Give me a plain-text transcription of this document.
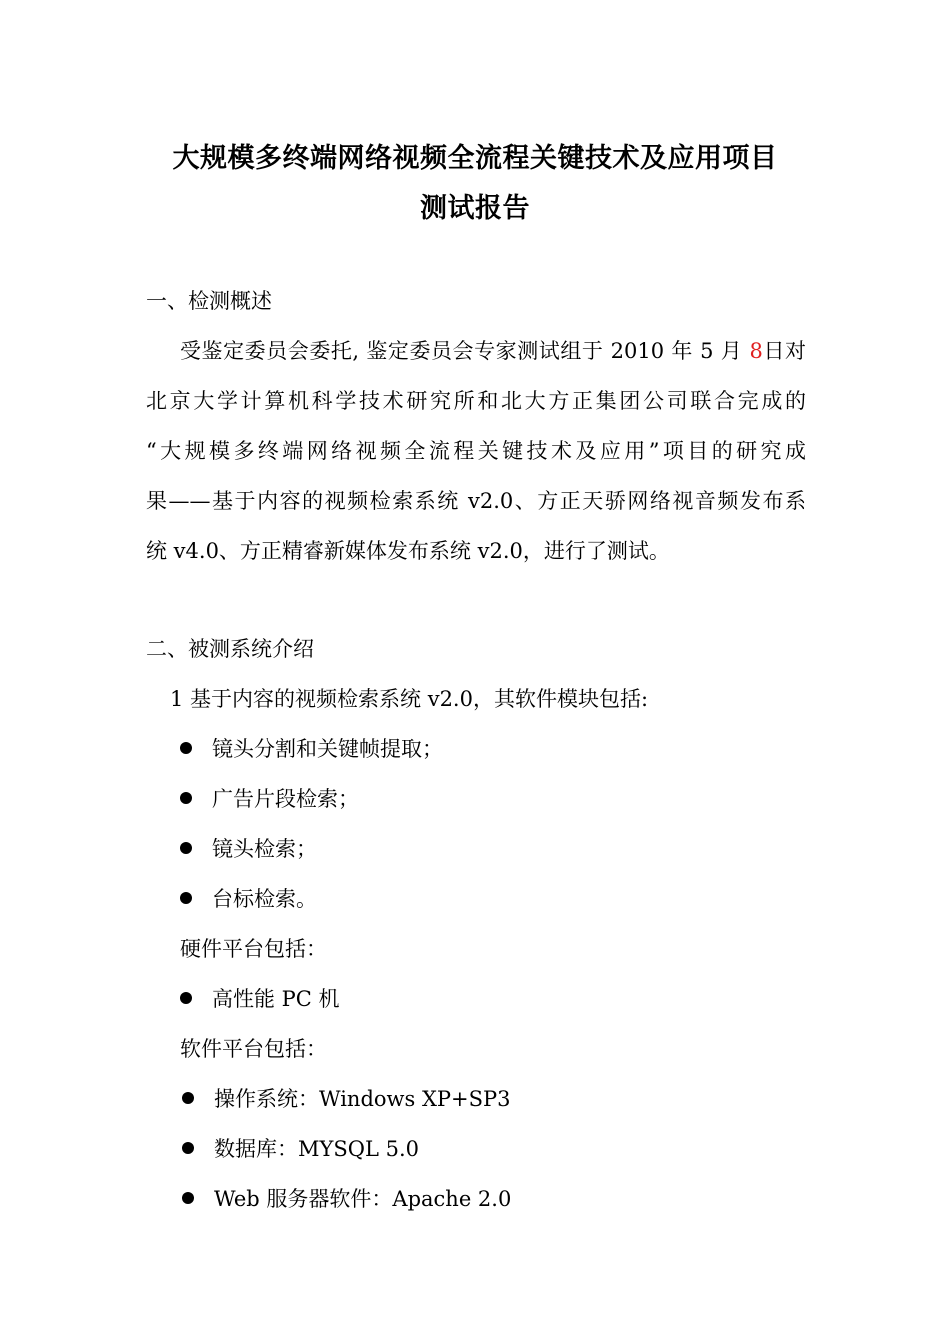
大规模多终端网络视频全流程关键技术及应用项目
测试报告
一、检测概述
受鉴定委员会委托, 鉴定委员会专家测试组于 2010 年 5 月 8日对
北京大学计算机科学技术研究所和北大方正集团公司联合完成的
“大规模多终端网络视频全流程关键技术及应用”项目的研究成
果——基于内容的视频检索系统 v2.0、方正天骄网络视音频发布系
统 v4.0、方正精睿新媒体发布系统 v2.0，进行了测试。
二、被测系统介绍
1 基于内容的视频检索系统 v2.0，其软件模块包括:
镜头分割和关键帧提取；
广告片段检索；
镜头检索；
台标检索。
硬件平台包括：
高性能 PC 机
软件平台包括：
操作系统：Windows XP+SP3
数据库：MYSQL 5.0
Web 服务器软件：Apache 2.0
